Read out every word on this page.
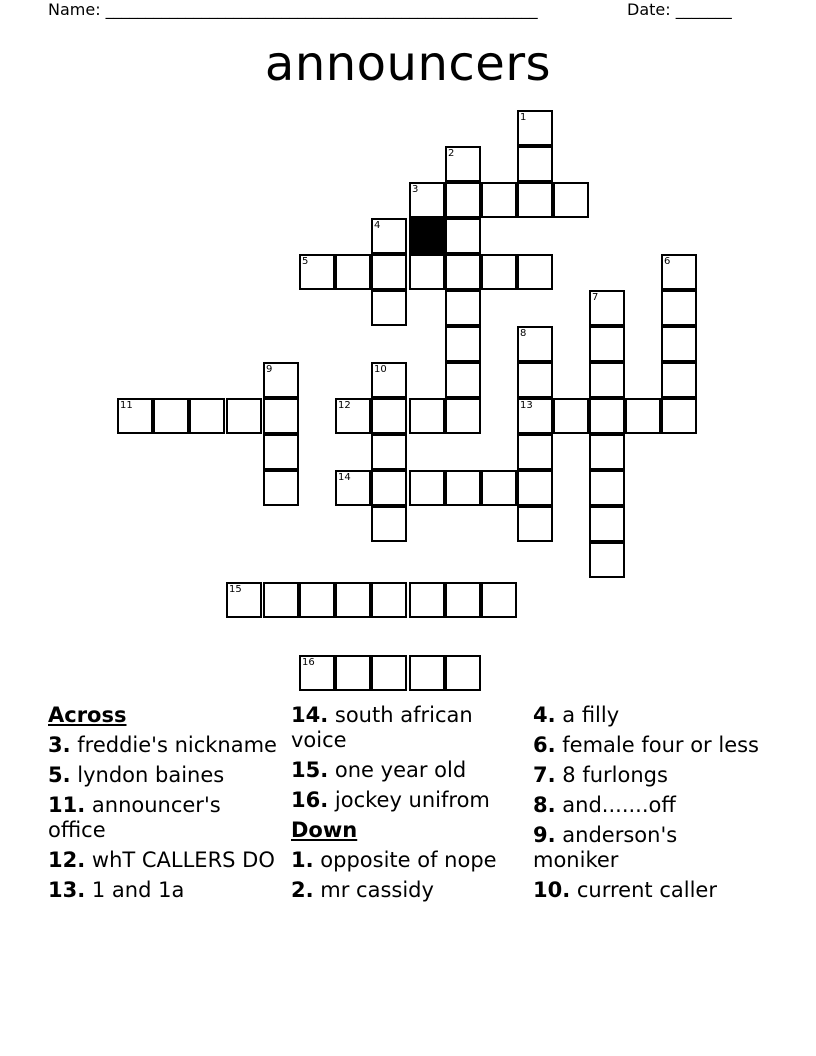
Name: ______________________________________________________	Date: _______
announcers
1
2
3
4
5	6
7
8
13
9	10
11	12
14
15
16
Across
3. freddie's nickname
5. lyndon baines
11. announcer's office
12. whT CALLERS DO
13. 1 and 1a
14. south african voice
15. one year old
16. jockey unifrom
Down
1. opposite of nope
2. mr cassidy
4. a filly
6. female four or less
7. 8 furlongs
8. and.......off
9. anderson's moniker
10. current caller
